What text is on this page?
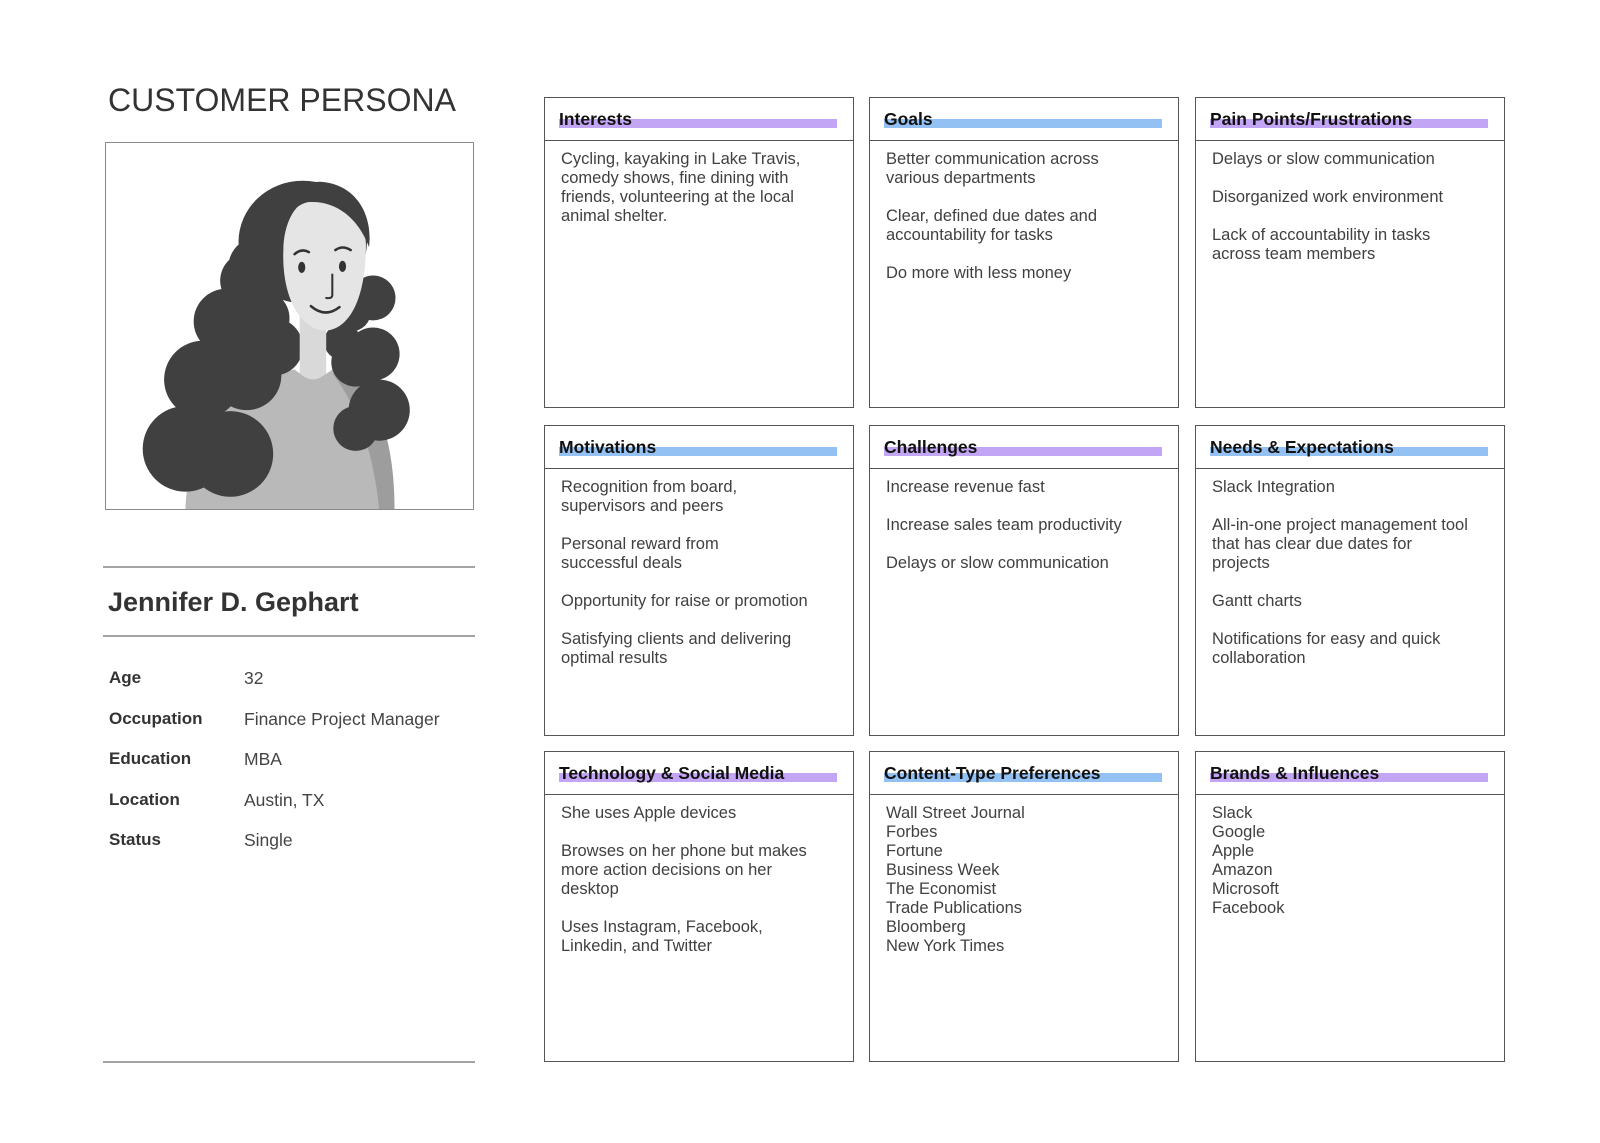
CUSTOMER PERSONA
Jennifer D. Gephart
Age	32
Occupation	Finance Project Manager
Education	MBA
Location	Austin, TX
Status	Single
Interests
Cycling, kayaking in Lake Travis,
comedy shows, fine dining with
friends, volunteering at the local
animal shelter.
Goals
Better communication across
various departments
Clear, defined due dates and
accountability for tasks
Do more with less money
Pain Points/Frustrations
Delays or slow communication
Disorganized work environment
Lack of accountability in tasks
across team members
Motivations
Recognition from board,
supervisors and peers
Personal reward from
successful deals
Opportunity for raise or promotion
Satisfying clients and delivering
optimal results
Challenges
Increase revenue fast
Increase sales team productivity
Delays or slow communication
Needs & Expectations
Slack Integration
All-in-one project management tool
that has clear due dates for
projects
Gantt charts
Notifications for easy and quick
collaboration
Technology & Social Media
She uses Apple devices
Browses on her phone but makes
more action decisions on her
desktop
Uses Instagram, Facebook,
Linkedin, and Twitter
Content-Type Preferences
Wall Street Journal
Forbes
Fortune
Business Week
The Economist
Trade Publications
Bloomberg
New York Times
Brands & Influences
Slack
Google
Apple
Amazon
Microsoft
Facebook
